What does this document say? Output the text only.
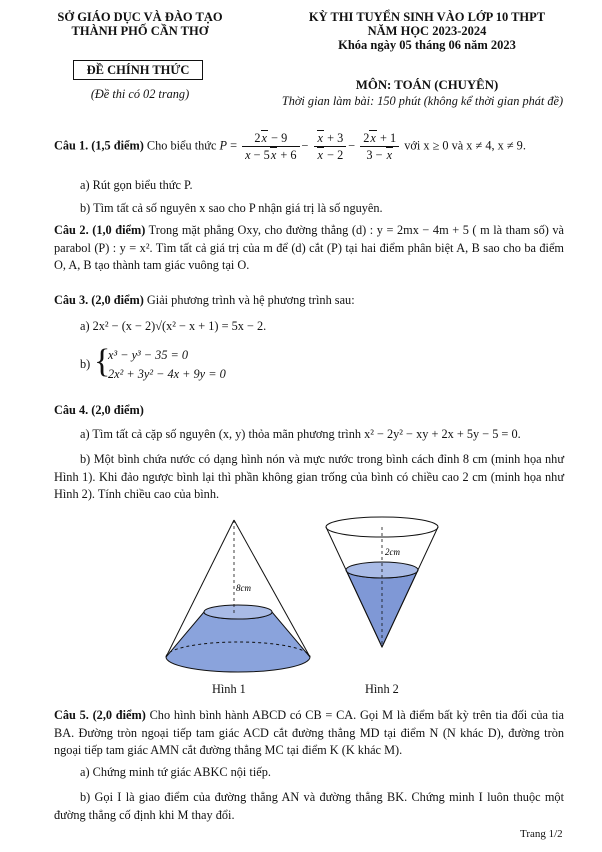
SỞ GIÁO DỤC VÀ ĐÀO TẠO
THÀNH PHỐ CẦN THƠ
ĐỀ CHÍNH THỨC
(Đề thi có 02 trang)
KỲ THI TUYỂN SINH VÀO LỚP 10 THPT
NĂM HỌC 2023-2024
Khóa ngày 05 tháng 06 năm 2023
MÔN: TOÁN (CHUYÊN)
Thời gian làm bài: 150 phút (không kể thời gian phát đề)
Câu 1. (1,5 điểm) Cho biểu thức $P = \frac{2x - 9}{x - 5x + 6} - \frac{x + 3}{x - 2} - \frac{2x + 1}{3 - x}$ với x ≥ 0 và x ≠ 4, x ≠ 9.
a) Rút gọn biểu thức P.
b) Tìm tất cả số nguyên x sao cho P nhận giá trị là số nguyên.
Câu 2. (1,0 điểm) Trong mặt phẳng Oxy, cho đường thẳng (d) : y = 2mx − 4m + 5 ( m là tham số) và parabol (P) : y = x². Tìm tất cả giá trị của m để (d) cắt (P) tại hai điểm phân biệt A, B sao cho ba điểm O, A, B tạo thành tam giác vuông tại O.
Câu 3. (2,0 điểm) Giải phương trình và hệ phương trình sau:
a) 2x² − (x − 2)√(x² − x + 1) = 5x − 2.
b) {
x³ − y³ − 35 = 0
2x² + 3y² − 4x + 9y = 0
Câu 4. (2,0 điểm)
a) Tìm tất cả cặp số nguyên (x, y) thỏa mãn phương trình x² − 2y² − xy + 2x + 5y − 5 = 0.
b) Một bình chứa nước có dạng hình nón và mực nước trong bình cách đỉnh 8 cm (minh họa như Hình 1). Khi đảo ngược bình lại thì phần không gian trống của bình có chiều cao 2 cm (minh họa như Hình 2). Tính chiều cao của bình.
8cm
2cm
Hình 1	Hình 2
Câu 5. (2,0 điểm) Cho hình bình hành ABCD có CB = CA. Gọi M là điểm bất kỳ trên tia đối của tia BA. Đường tròn ngoại tiếp tam giác ACD cắt đường thẳng MD tại điểm N (N khác D), đường tròn ngoại tiếp tam giác AMN cắt đường thẳng MC tại điểm K (K khác M).
a) Chứng minh tứ giác ABKC nội tiếp.
b) Gọi I là giao điểm của đường thẳng AN và đường thẳng BK. Chứng minh I luôn thuộc một đường thẳng cố định khi M thay đổi.
Trang 1/2
